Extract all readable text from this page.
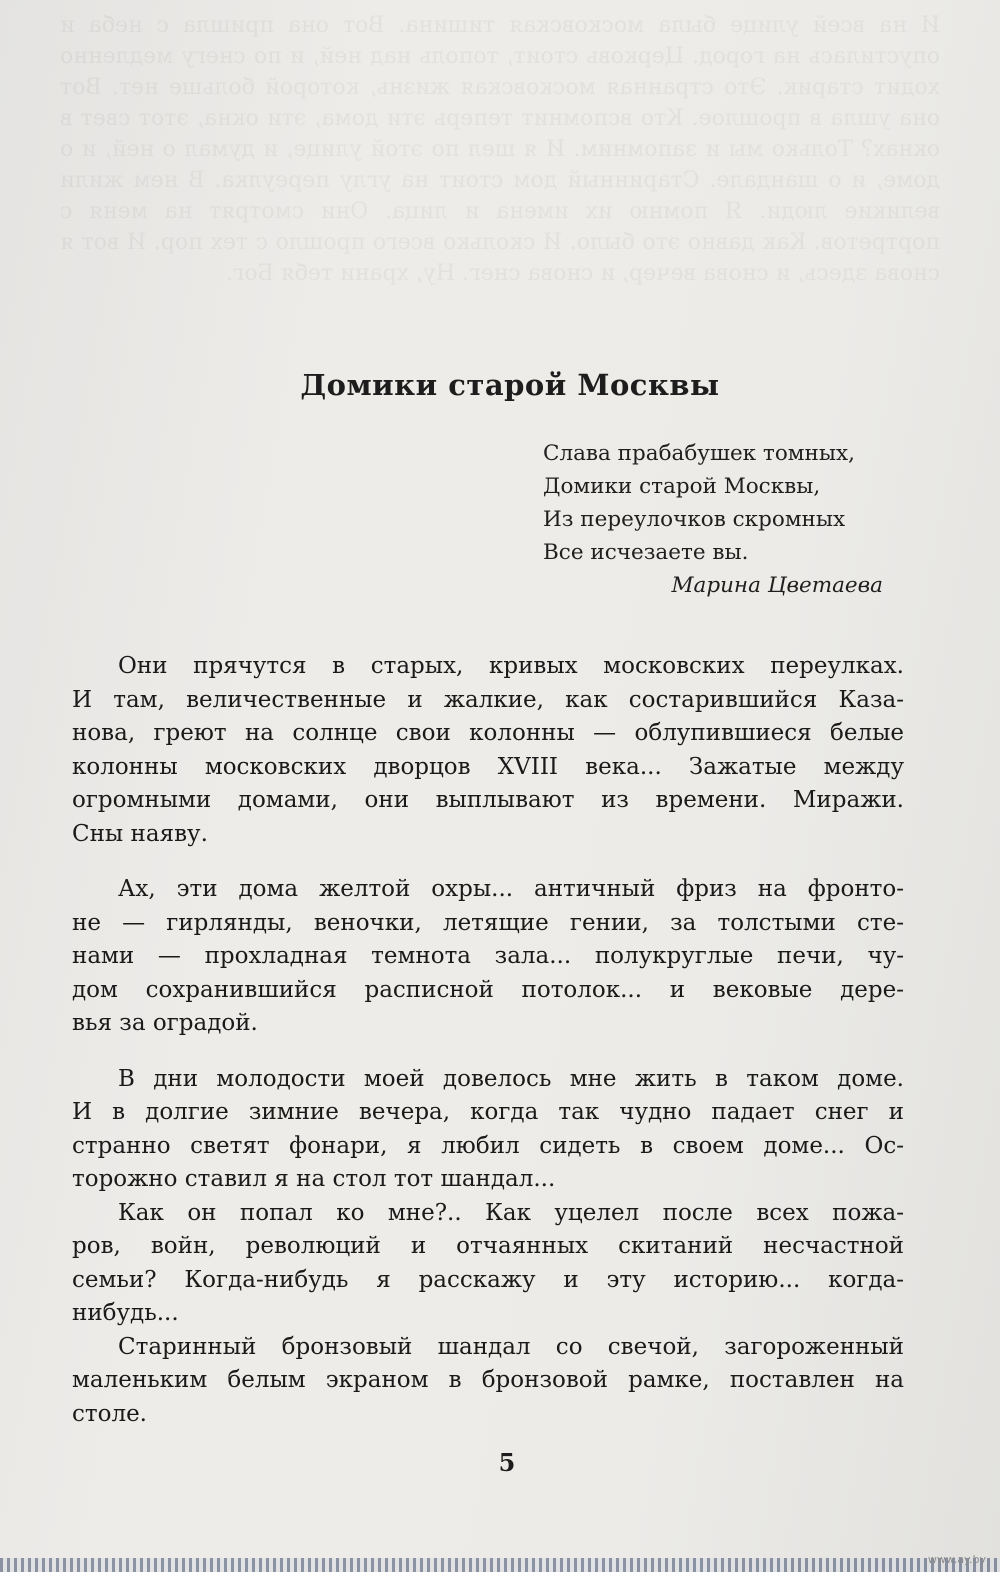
И на всей улице была московская тишина. Вот она пришла с неба и опустилась на город. Церковь стоит, тополь над ней, и по снегу медленно ходит старик. Это странная московская жизнь, которой больше нет. Вот она ушла в прошлое. Кто вспомнит теперь эти дома, эти окна, этот свет в окнах? Только мы и запомним. И я шел по этой улице, и думал о ней, и о доме, и о шандале. Старинный дом стоит на углу переулка. В нем жили великие люди. Я помню их имена и лица. Они смотрят на меня с портретов. Как давно это было. И сколько всего прошло с тех пор. И вот я снова здесь, и снова вечер, и снова снег. Ну, храни тебя Бог.
Домики старой Москвы
Слава прабабушек томных,
Домики старой Москвы,
Из переулочков скромных
Все исчезаете вы.
Марина Цветаева

Они прячутся в старых, кривых московских переулках.
И там, величественные и жалкие, как состарившийся Каза-
нова, греют на солнце свои колонны — облупившиеся белые
колонны московских дворцов XVIII века... Зажатые между
огромными домами, они выплывают из времени. Миражи.
Сны наяву.

Ах, эти дома желтой охры... античный фриз на фронто-
не — гирлянды, веночки, летящие гении, за толстыми сте-
нами — прохладная темнота зала... полукруглые печи, чу-
дом сохранившийся расписной потолок... и вековые дере-
вья за оградой.

В дни молодости моей довелось мне жить в таком доме.
И в долгие зимние вечера, когда так чудно падает снег и
странно светят фонари, я любил сидеть в своем доме... Ос-
торожно ставил я на стол тот шандал...

Как он попал ко мне?.. Как уцелел после всех пожа-
ров, войн, революций и отчаянных скитаний несчастной
семьи? Когда-нибудь я расскажу и эту историю... когда-
нибудь...

Старинный бронзовый шандал со свечой, загороженный
маленьким белым экраном в бронзовой рамке, поставлен на
столе.

5
www.ay.by
